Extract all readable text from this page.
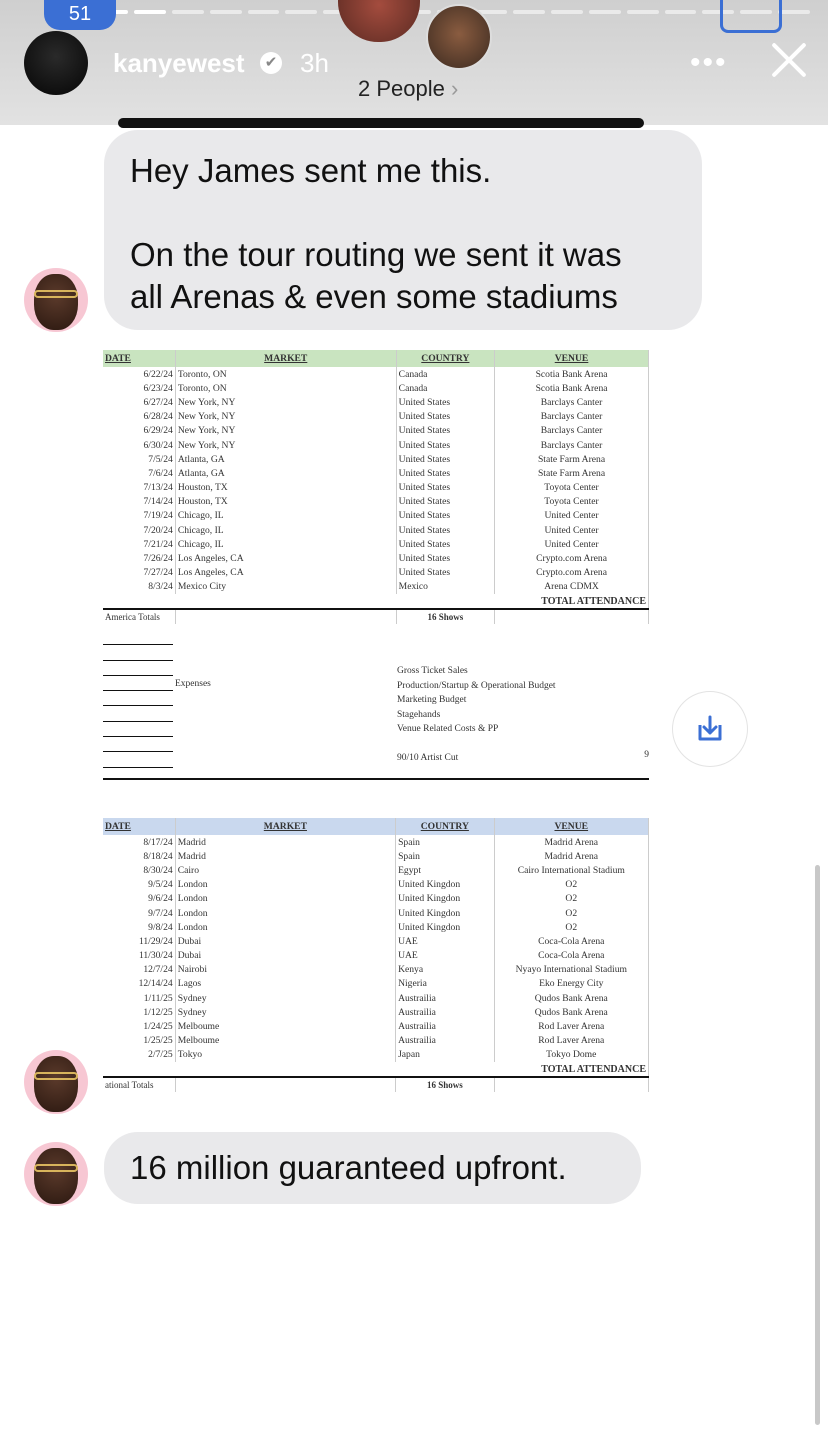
51
kanyewest	✔ 3h
2 People ›
•••
Hey James sent me this.
On the tour routing we sent it was
all Arenas & even some stadiums
DATE	MARKET	COUNTRY	VENUE
6/22/24	Toronto, ON	Canada	Scotia Bank Arena
6/23/24	Toronto, ON	Canada	Scotia Bank Arena
6/27/24	New York, NY	United States	Barclays Canter
6/28/24	New York, NY	United States	Barclays Canter
6/29/24	New York, NY	United States	Barclays Canter
6/30/24	New York, NY	United States	Barclays Canter
7/5/24	Atlanta, GA	United States	State Farm Arena
7/6/24	Atlanta, GA	United States	State Farm Arena
7/13/24	Houston, TX	United States	Toyota Center
7/14/24	Houston, TX	United States	Toyota Center
7/19/24	Chicago, IL	United States	United Center
7/20/24	Chicago, IL	United States	United Center
7/21/24	Chicago, IL	United States	United Center
7/26/24	Los Angeles, CA	United States	Crypto.com Arena
7/27/24	Los Angeles, CA	United States	Crypto.com Arena
8/3/24	Mexico City	Mexico	Arena CDMX
TOTAL ATTENDANCE			
America Totals		16 Shows	
Expenses
Gross Ticket Sales
Production/Startup & Operational Budget
Marketing Budget
Stagehands
Venue Related Costs & PP
90/10 Artist Cut	9
DATE	MARKET	COUNTRY	VENUE
8/17/24	Madrid	Spain	Madrid Arena
8/18/24	Madrid	Spain	Madrid Arena
8/30/24	Cairo	Egypt	Cairo International Stadium
9/5/24	London	United Kingdon	O2
9/6/24	London	United Kingdon	O2
9/7/24	London	United Kingdon	O2
9/8/24	London	United Kingdon	O2
11/29/24	Dubai	UAE	Coca-Cola Arena
11/30/24	Dubai	UAE	Coca-Cola Arena
12/7/24	Nairobi	Kenya	Nyayo International Stadium
12/14/24	Lagos	Nigeria	Eko Energy City
1/11/25	Sydney	Austrailia	Qudos Bank Arena
1/12/25	Sydney	Austrailia	Qudos Bank Arena
1/24/25	Melboume	Austrailia	Rod Laver Arena
1/25/25	Melboume	Austrailia	Rod Laver Arena
2/7/25	Tokyo	Japan	Tokyo Dome
TOTAL ATTENDANCE			
ational Totals		16 Shows	
16 million guaranteed upfront.
